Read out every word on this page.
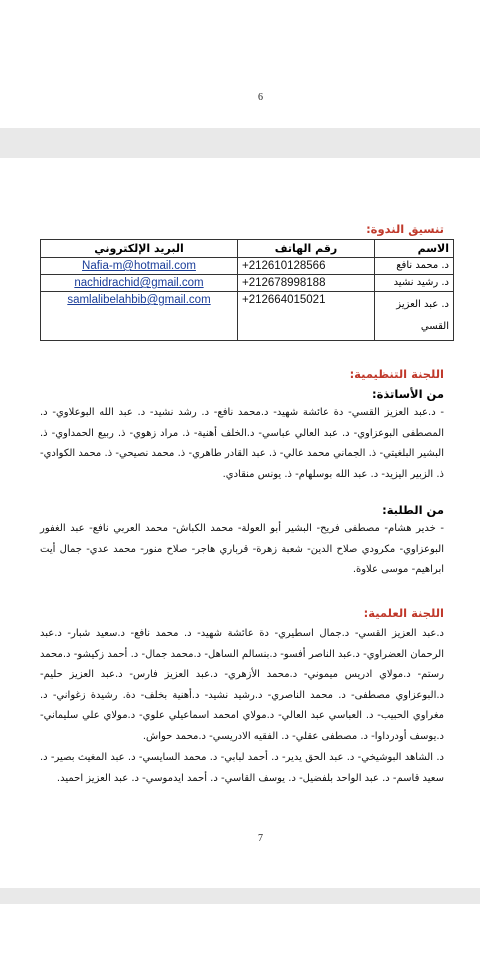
6
تنسيق الندوة:
الاسم	رقم الهاتف	البريد الإلكتروني
د. محمد نافع	+212610128566	Nafia-m@hotmail.com
د. رشيد نشيد	+212678998188	nachidrachid@gmail.com
د. عبد العزيز القسي	+212664015021	samlalibelahbib@gmail.com
اللجنة التنظيمية:
من الأساتذة:
- د.عبد العزيز القسي- دة عائشة شهيد- د.محمد نافع- د. رشد نشيد- د. عبد الله البوعلاوي- د. المصطفى البوعزاوي- د. عبد العالي عباسي- د.الخلف أهنية- ذ. مراد زهوي- ذ. ربيع الحمداوي- ذ. البشير البلغيتي- ذ. الجماني محمد عالي- ذ. عبد القادر طاهري- ذ. محمد نصيحي- ذ. محمد الكوادي- ذ. الزبير اليزيد- د. عبد الله بوسلهام- ذ. يونس منقادي.
من الطلبة:
- خدير هشام- مصطفى فريح- البشير أبو العولة- محمد الكباش- محمد العربي نافع- عبد الغفور البوعزاوي- مكرودي صلاح الدين- شعبة زهرة- قرباري هاجر- صلاح منور- محمد عدي- جمال أيت ابراهيم- موسى علاوة.
اللجنة العلمية:
د.عبد العزيز القسي- د.جمال اسطيري- دة عائشة شهيد- د. محمد نافع- د.سعيد شبار- د.عبد الرحمان العضراوي- د.عبد الناصر أفسو- د.بنسالم الساهل- د.محمد جمال- د. أحمد زكيشو- د.محمد رستم- د.مولاي ادريس ميموني- د.محمد الأزهري- د.عبد العزيز فارس- د.عبد العزيز حليم- د.البوعزاوي مصطفى- د. محمد الناصري- د.رشيد نشيد- د.أهنية بخلف- دة. رشيدة زغواني- د. مغراوي الحبيب- د. العباسي عبد العالي- د.مولاي امحمد اسماعيلي علوي- د.مولاي علي سليماني- د.يوسف أودرداوا- د. مصطفى عقلي- د. الفقيه الادريسي- د.محمد حواش.
د. الشاهد البوشيخي- د. عبد الحق يدير- د. أحمد لبابي- د. محمد السايسي- د. عبد المغيث بصير- د. سعيد قاسم- د. عبد الواحد بلفضيل- د. يوسف القاسي- د. أحمد ايدموسي- د. عبد العزيز احميد.
7
